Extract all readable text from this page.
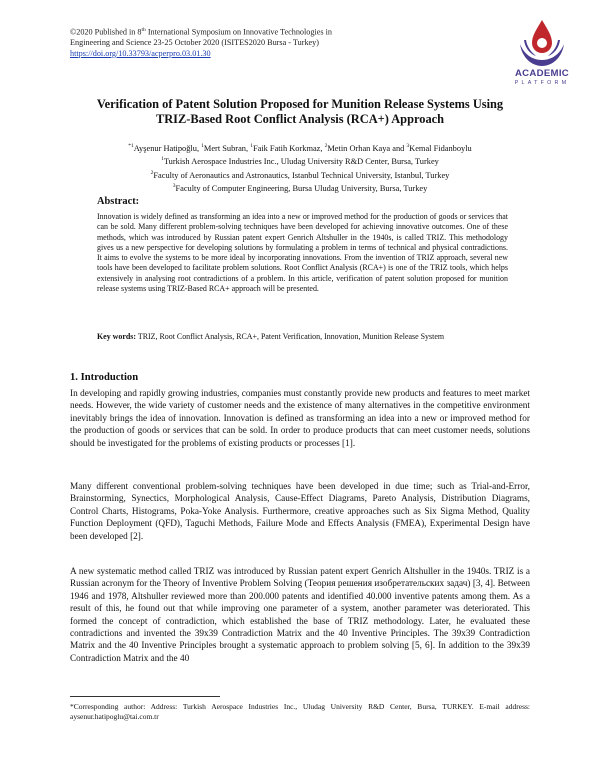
©2020 Published in 8th International Symposium on Innovative Technologies in
Engineering and Science 23-25 October 2020 (ISITES2020 Bursa - Turkey)
https://doi.org/10.33793/acperpro.03.01.30
ACADEMIC
PLATFORM
Verification of Patent Solution Proposed for Munition Release Systems Using
TRIZ-Based Root Conflict Analysis (RCA+) Approach
$^{*1}$Ayşenur Hatipoğlu, $^1$Mert Subran, $^1$Faik Fatih Korkmaz, $^2$Metin Orhan Kaya and $^3$Kemal Fidanboylu
$^1$Turkish Aerospace Industries Inc., Uludag University R&D Center, Bursa, Turkey
$^2$Faculty of Aeronautics and Astronautics, Istanbul Technical University, Istanbul, Turkey
$^3$Faculty of Computer Engineering, Bursa Uludag University, Bursa, Turkey
Abstract:
Innovation is widely defined as transforming an idea into a new or improved method for the production of goods or services that can be sold. Many different problem-solving techniques have been developed for achieving innovative outcomes. One of these methods, which was introduced by Russian patent expert Genrich Altshuller in the 1940s, is called TRIZ. This methodology gives us a new perspective for developing solutions by formulating a problem in terms of technical and physical contradictions. It aims to evolve the systems to be more ideal by incorporating innovations. From the invention of TRIZ approach, several new tools have been developed to facilitate problem solutions. Root Conflict Analysis (RCA+) is one of the TRIZ tools, which helps extensively in analysing root contradictions of a problem. In this article, verification of patent solution proposed for munition release systems using TRIZ-Based RCA+ approach will be presented.
Key words: TRIZ, Root Conflict Analysis, RCA+, Patent Verification, Innovation, Munition Release System
1. Introduction
In developing and rapidly growing industries, companies must constantly provide new products and features to meet market needs. However, the wide variety of customer needs and the existence of many alternatives in the competitive environment inevitably brings the idea of innovation. Innovation is defined as transforming an idea into a new or improved method for the production of goods or services that can be sold. In order to produce products that can meet customer needs, solutions should be investigated for the problems of existing products or processes [1].
Many different conventional problem-solving techniques have been developed in due time; such as Trial-and-Error, Brainstorming, Synectics, Morphological Analysis, Cause-Effect Diagrams, Pareto Analysis, Distribution Diagrams, Control Charts, Histograms, Poka-Yoke Analysis. Furthermore, creative approaches such as Six Sigma Method, Quality Function Deployment (QFD), Taguchi Methods, Failure Mode and Effects Analysis (FMEA), Experimental Design have been developed [2].
A new systematic method called TRIZ was introduced by Russian patent expert Genrich Altshuller in the 1940s. TRIZ is a Russian acronym for the Theory of Inventive Problem Solving (Теория решения изобретательских задач) [3, 4]. Between 1946 and 1978, Altshuller reviewed more than 200.000 patents and identified 40.000 inventive patents among them. As a result of this, he found out that while improving one parameter of a system, another parameter was deteriorated. This formed the concept of contradiction, which established the base of TRIZ methodology. Later, he evaluated these contradictions and invented the 39x39 Contradiction Matrix and the 40 Inventive Principles. The 39x39 Contradiction Matrix and the 40 Inventive Principles brought a systematic approach to problem solving [5, 6]. In addition to the 39x39 Contradiction Matrix and the 40
*Corresponding author: Address: Turkish Aerospace Industries Inc., Uludag University R&D Center, Bursa, TURKEY. E-mail address: aysenur.hatipoglu@tai.com.tr
